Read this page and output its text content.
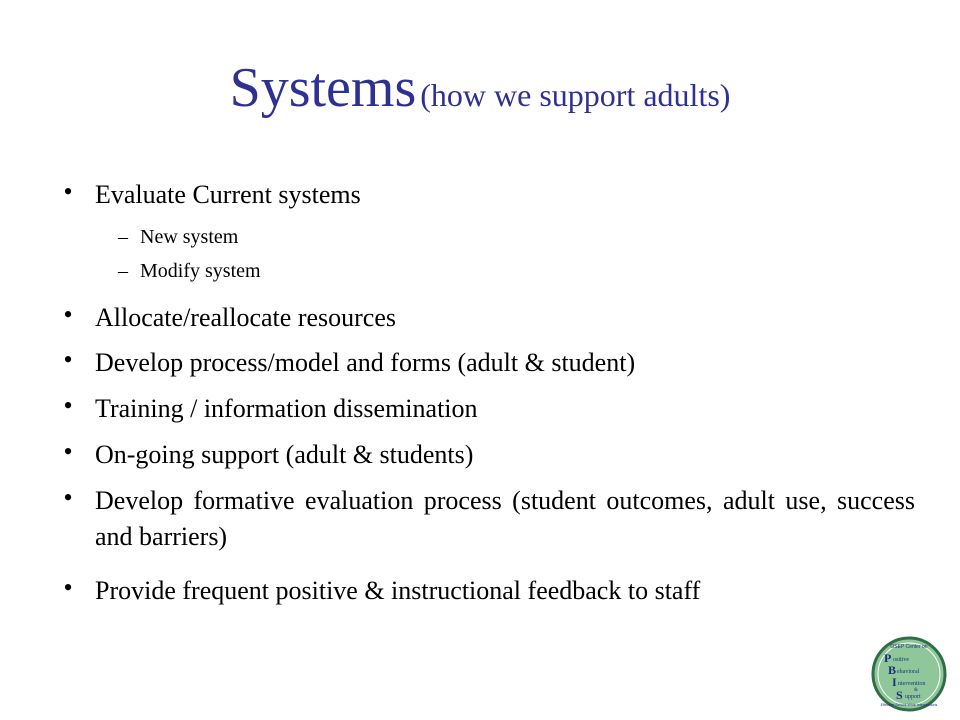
Systems (how we support adults)
• Evaluate Current systems
– New system
– Modify system
• Allocate/reallocate resources
• Develop process/model and forms (adult & student)
• Training / information dissemination
• On-going support (adult & students)
• Develop formative evaluation process (student outcomes, adult use, success and barriers)
• Provide frequent positive & instructional feedback to staff
OSEP Center on
P ositive
B ehavioral
I ntervention
&
S upport
Effective School-Wide Interventions
